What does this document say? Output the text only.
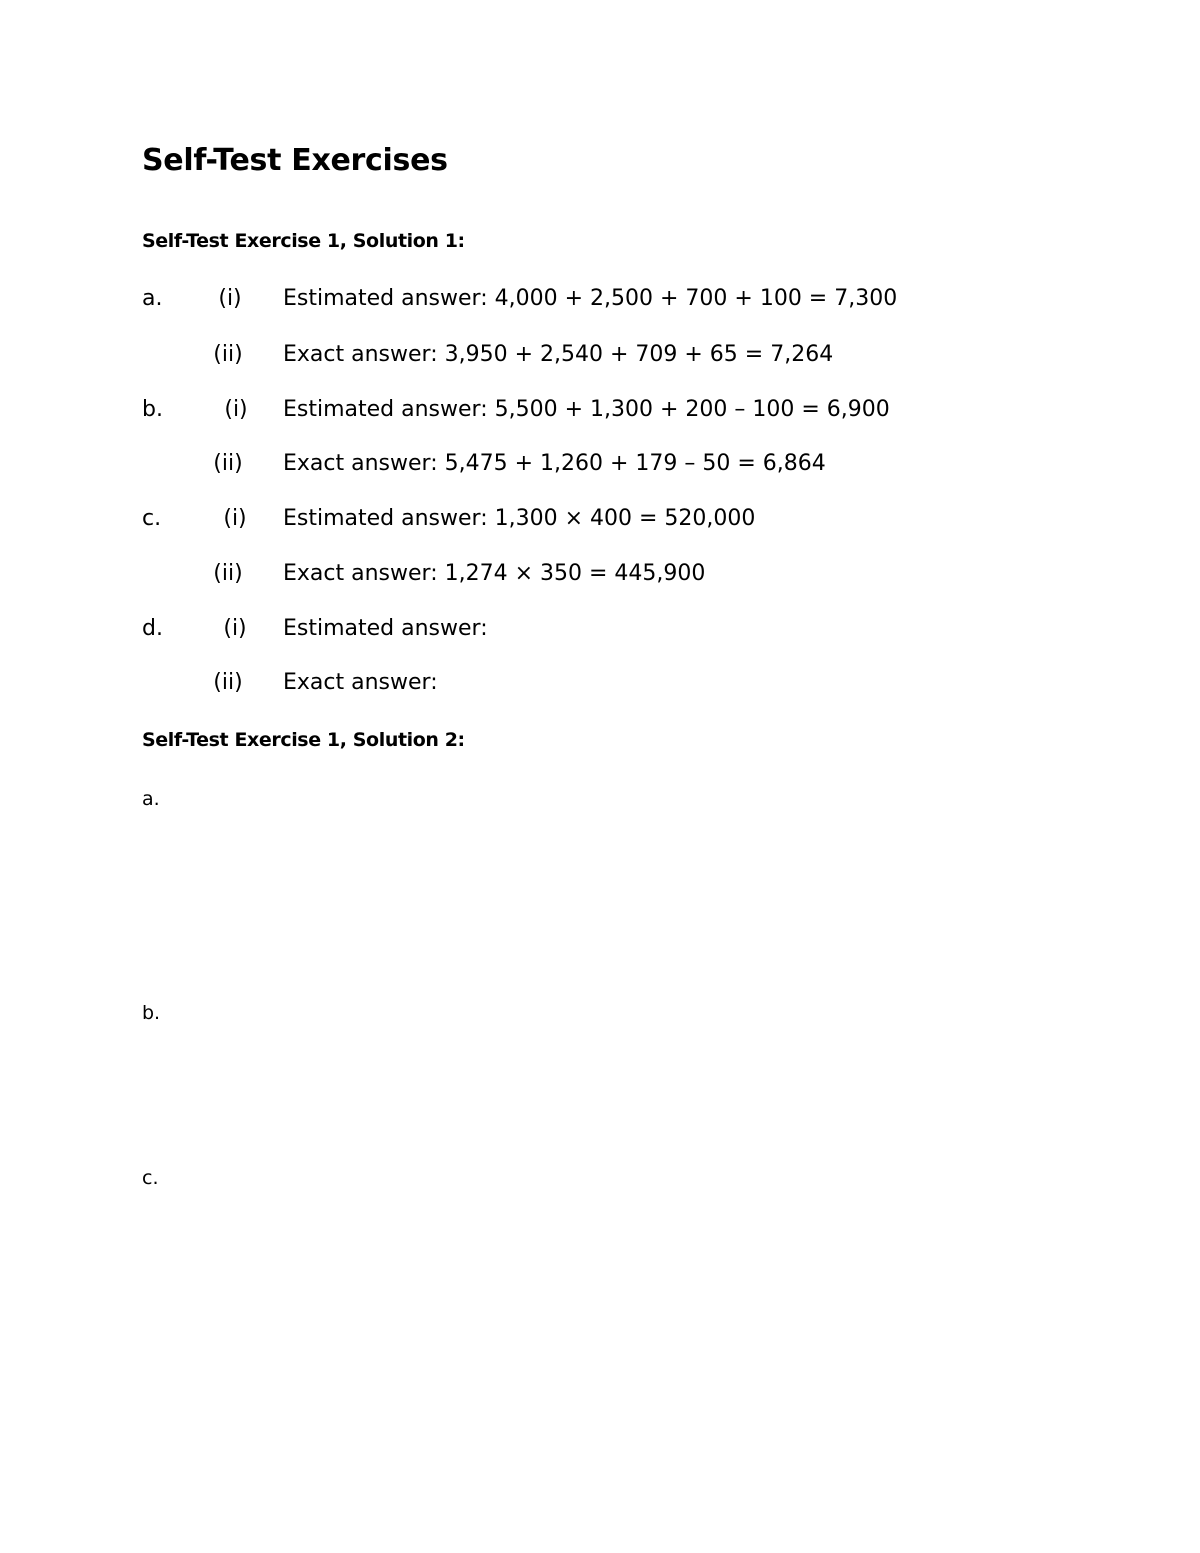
Self-Test Exercises
Self-Test Exercise 1, Solution 1:
a.	(i)	Estimated answer: 4,000 + 2,500 + 700 + 100 = 7,300
(ii)	Exact answer: 3,950 + 2,540 + 709 + 65 = 7,264
b.	(i)	Estimated answer: 5,500 + 1,300 + 200 – 100 = 6,900
(ii)	Exact answer: 5,475 + 1,260 + 179 – 50 = 6,864
c.	(i)	Estimated answer: 1,300 × 400 = 520,000
(ii)	Exact answer: 1,274 × 350 = 445,900
d.	(i)	Estimated answer:
(ii)	Exact answer:
Self-Test Exercise 1, Solution 2:
a.
b.
c.
